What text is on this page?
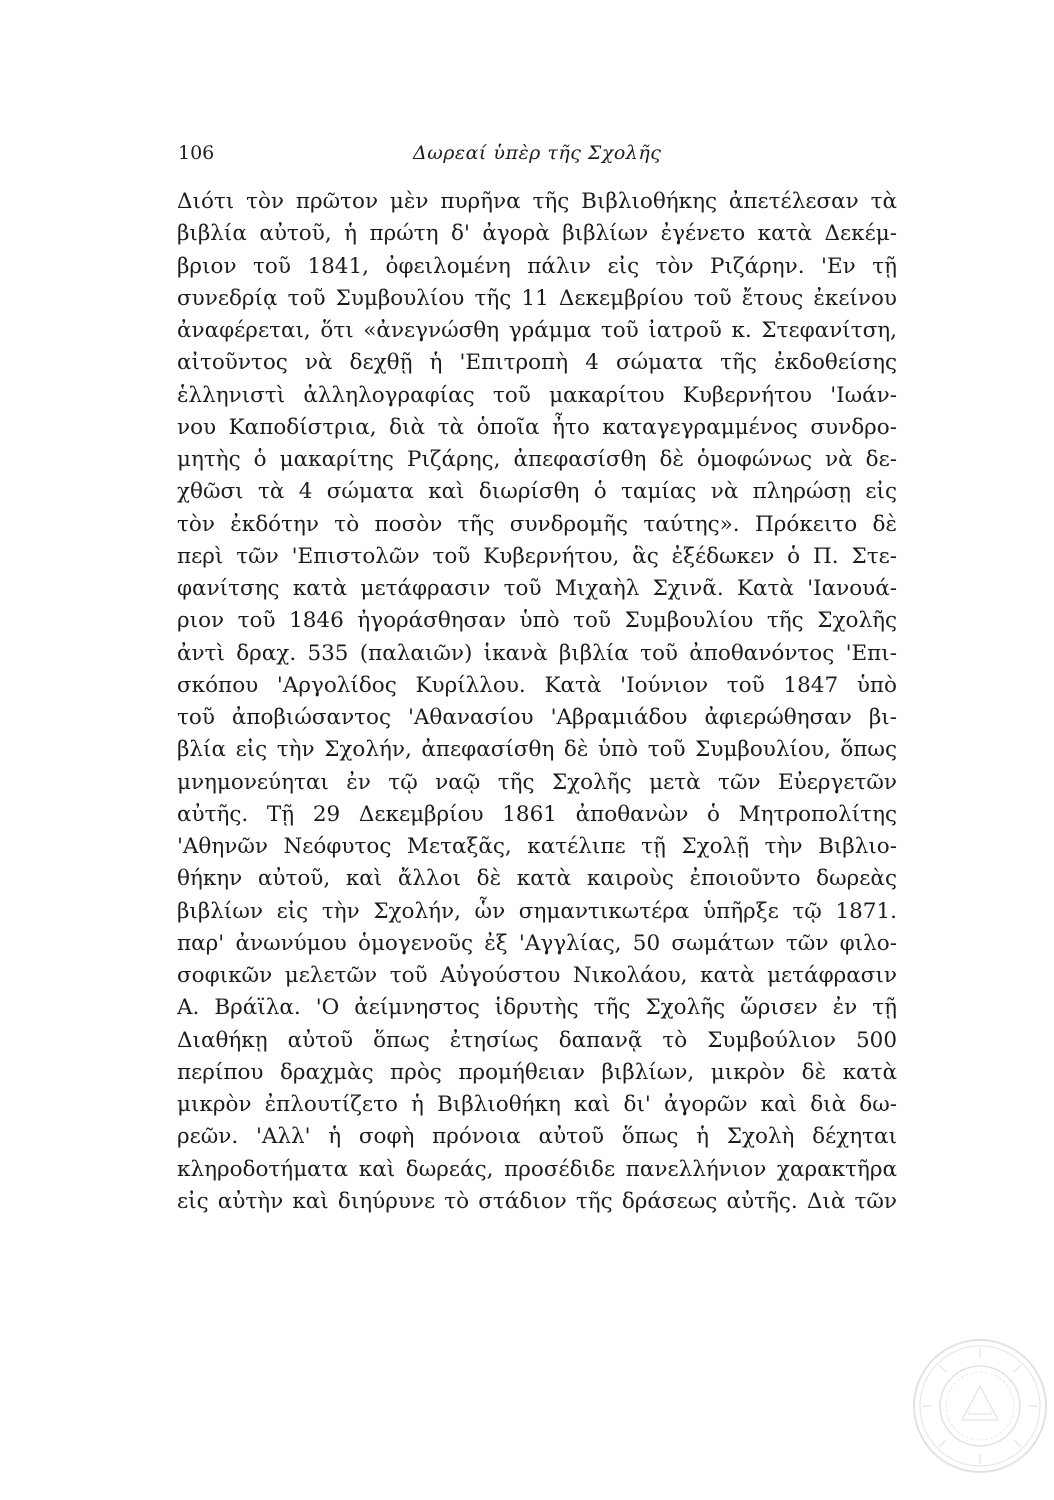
106	Δωρεαί ὑπὲρ τῆς Σχολῆς
Διότι τὸν πρῶτον μὲν πυρῆνα τῆς Βιβλιοθήκης ἀπετέλεσαν τὰ
βιβλία αὐτοῦ, ἡ πρώτη δ' ἀγορὰ βιβλίων ἐγένετο κατὰ Δεκέμ-
βριον τοῦ 1841, ὀφειλομένη πάλιν εἰς τὸν Ριζάρην. 'Εν τῇ
συνεδρίᾳ τοῦ Συμβουλίου τῆς 11 Δεκεμβρίου τοῦ ἔτους ἐκείνου
ἀναφέρεται, ὅτι «ἀνεγνώσθη γράμμα τοῦ ἰατροῦ κ. Στεφανίτση,
αἰτοῦντος νὰ δεχθῇ ἡ 'Επιτροπὴ 4 σώματα τῆς ἐκδοθείσης
ἑλληνιστὶ ἀλληλογραφίας τοῦ μακαρίτου Κυβερνήτου 'Ιωάν-
νου Καποδίστρια, διὰ τὰ ὁποῖα ἦτο καταγεγραμμένος συνδρο-
μητὴς ὁ μακαρίτης Ριζάρης, ἀπεφασίσθη δὲ ὁμοφώνως νὰ δε-
χθῶσι τὰ 4 σώματα καὶ διωρίσθη ὁ ταμίας νὰ πληρώσῃ εἰς
τὸν ἐκδότην τὸ ποσὸν τῆς συνδρομῆς ταύτης». Πρόκειτο δὲ
περὶ τῶν 'Επιστολῶν τοῦ Κυβερνήτου, ἃς ἐξέδωκεν ὁ Π. Στε-
φανίτσης κατὰ μετάφρασιν τοῦ Μιχαὴλ Σχινᾶ. Κατὰ 'Ιανουά-
ριον τοῦ 1846 ἠγοράσθησαν ὑπὸ τοῦ Συμβουλίου τῆς Σχολῆς
ἀντὶ δραχ. 535 (παλαιῶν) ἱκανὰ βιβλία τοῦ ἀποθανόντος 'Επι-
σκόπου 'Αργολίδος Κυρίλλου. Κατὰ 'Ιούνιον τοῦ 1847 ὑπὸ
τοῦ ἀποβιώσαντος 'Αθανασίου 'Αβραμιάδου ἀφιερώθησαν βι-
βλία εἰς τὴν Σχολήν, ἀπεφασίσθη δὲ ὑπὸ τοῦ Συμβουλίου, ὅπως
μνημονεύηται ἐν τῷ ναῷ τῆς Σχολῆς μετὰ τῶν Εὐεργετῶν
αὐτῆς. Τῇ 29 Δεκεμβρίου 1861 ἀποθανὼν ὁ Μητροπολίτης
'Αθηνῶν Νεόφυτος Μεταξᾶς, κατέλιπε τῇ Σχολῇ τὴν Βιβλιο-
θήκην αὐτοῦ, καὶ ἄλλοι δὲ κατὰ καιροὺς ἐποιοῦντο δωρεὰς
βιβλίων εἰς τὴν Σχολήν, ὧν σημαντικωτέρα ὑπῆρξε τῷ 1871.
παρ' ἀνωνύμου ὁμογενοῦς ἐξ 'Αγγλίας, 50 σωμάτων τῶν φιλο-
σοφικῶν μελετῶν τοῦ Αὐγούστου Νικολάου, κατὰ μετάφρασιν
Α. Βράϊλα. 'Ο ἀείμνηστος ἱδρυτὴς τῆς Σχολῆς ὥρισεν ἐν τῇ
Διαθήκῃ αὐτοῦ ὅπως ἐτησίως δαπανᾷ τὸ Συμβούλιον 500
περίπου δραχμὰς πρὸς προμήθειαν βιβλίων, μικρὸν δὲ κατὰ
μικρὸν ἐπλουτίζετο ἡ Βιβλιοθήκη καὶ δι' ἀγορῶν καὶ διὰ δω-
ρεῶν. 'Αλλ' ἡ σοφὴ πρόνοια αὐτοῦ ὅπως ἡ Σχολὴ δέχηται
κληροδοτήματα καὶ δωρεάς, προσέδιδε πανελλήνιον χαρακτῆρα
εἰς αὐτὴν καὶ διηύρυνε τὸ στάδιον τῆς δράσεως αὐτῆς. Διὰ τῶν
